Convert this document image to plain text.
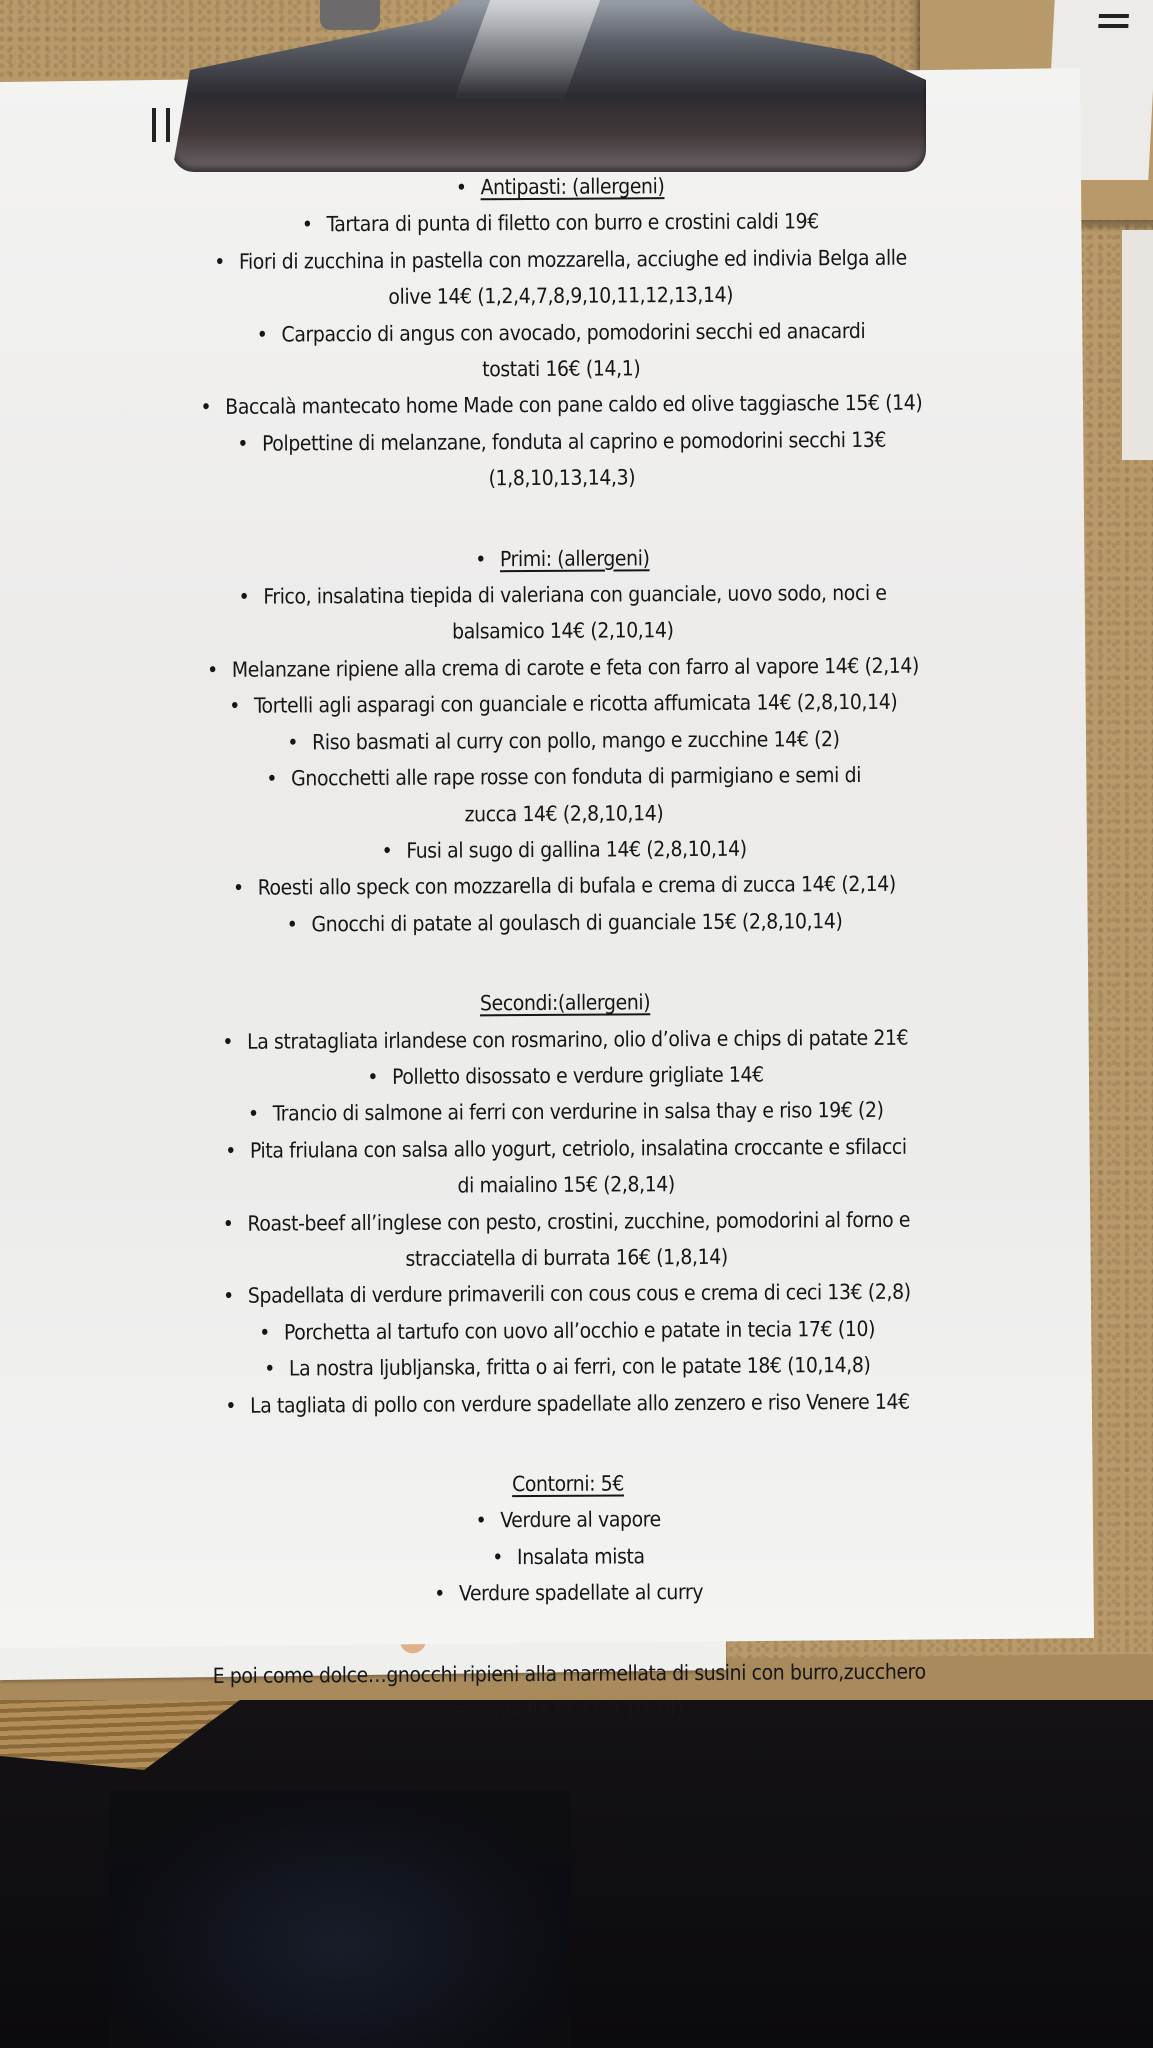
• Antipasti: (allergeni)
• Tartara di punta di filetto con burro e crostini caldi 19€
• Fiori di zucchina in pastella con mozzarella, acciughe ed indivia Belga alle
olive 14€ (1,2,4,7,8,9,10,11,12,13,14)
• Carpaccio di angus con avocado, pomodorini secchi ed anacardi
tostati 16€ (14,1)
• Baccalà mantecato home Made con pane caldo ed olive taggiasche 15€ (14)
• Polpettine di melanzane, fonduta al caprino e pomodorini secchi 13€
(1,8,10,13,14,3)
• Primi: (allergeni)
• Frico, insalatina tiepida di valeriana con guanciale, uovo sodo, noci e
balsamico 14€ (2,10,14)
• Melanzane ripiene alla crema di carote e feta con farro al vapore 14€ (2,14)
• Tortelli agli asparagi con guanciale e ricotta affumicata 14€ (2,8,10,14)
• Riso basmati al curry con pollo, mango e zucchine 14€ (2)
• Gnocchetti alle rape rosse con fonduta di parmigiano e semi di
zucca 14€ (2,8,10,14)
• Fusi al sugo di gallina 14€ (2,8,10,14)
• Roesti allo speck con mozzarella di bufala e crema di zucca 14€ (2,14)
• Gnocchi di patate al goulasch di guanciale 15€ (2,8,10,14)
Secondi:(allergeni)
• La stratagliata irlandese con rosmarino, olio d’oliva e chips di patate 21€
• Polletto disossato e verdure grigliate 14€
• Trancio di salmone ai ferri con verdurine in salsa thay e riso 19€ (2)
• Pita friulana con salsa allo yogurt, cetriolo, insalatina croccante e sfilacci
di maialino 15€ (2,8,14)
• Roast-beef all’inglese con pesto, crostini, zucchine, pomodorini al forno e
stracciatella di burrata 16€ (1,8,14)
• Spadellata di verdure primaverili con cous cous e crema di ceci 13€ (2,8)
• Porchetta al tartufo con uovo all’occhio e patate in tecia 17€ (10)
• La nostra ljubljanska, fritta o ai ferri, con le patate 18€ (10,14,8)
• La tagliata di pollo con verdure spadellate allo zenzero e riso Venere 14€
Contorni: 5€
• Verdure al vapore
• Insalata mista
• Verdure spadellate al curry
E poi come dolce…gnocchi ripieni alla marmellata di susini con burro,zucchero
e cannella 6€ (1,8,10,14)
